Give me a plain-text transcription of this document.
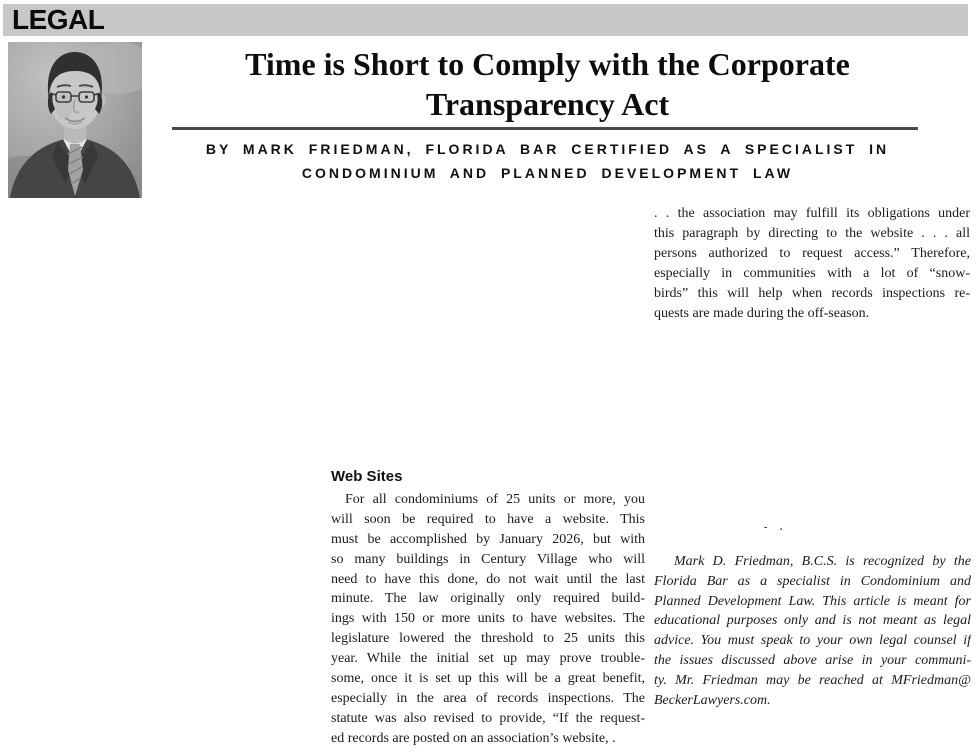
LEGAL
Time is Short to Comply with the Corporate
Transparency Act
BY MARK FRIEDMAN, FLORIDA BAR CERTIFIED AS A SPECIALIST IN
CONDOMINIUM AND PLANNED DEVELOPMENT LAW
. . the association may fulfill its obligations under
this paragraph by directing to the website . . . all
persons authorized to request access.” Therefore,
especially in communities with a lot of “snow-
birds” this will help when records inspections re-
quests are made during the off-season.
- .
Mark D. Friedman, B.C.S. is recognized by the
Florida Bar as a specialist in Condominium and
Planned Development Law. This article is meant for
educational purposes only and is not meant as legal
advice. You must speak to your own legal counsel if
the issues discussed above arise in your communi-
ty. Mr. Friedman may be reached at MFriedman@
BeckerLawyers.com.
Web Sites
For all condominiums of 25 units or more, you
will soon be required to have a website. This
must be accomplished by January 2026, but with
so many buildings in Century Village who will
need to have this done, do not wait until the last
minute. The law originally only required build-
ings with 150 or more units to have websites. The
legislature lowered the threshold to 25 units this
year. While the initial set up may prove trouble-
some, once it is set up this will be a great benefit,
especially in the area of records inspections. The
statute was also revised to provide, “If the request-
ed records are posted on an association’s website, .
